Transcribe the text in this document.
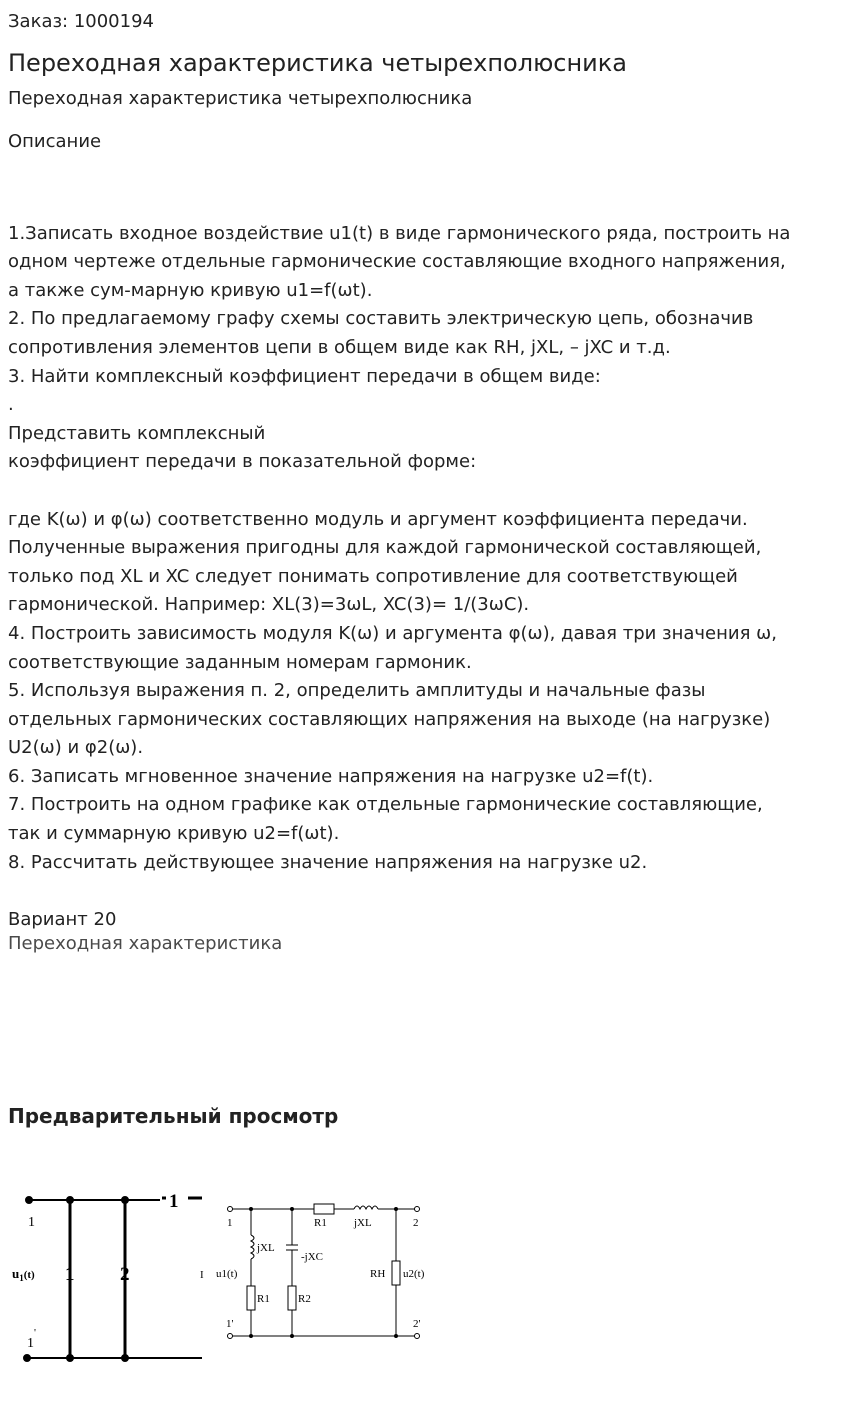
Заказ: 1000194
Переходная характеристика четырехполюсника
Переходная характеристика четырехполюсника
Описание
1.Записать входное воздействие u1(t) в виде гармонического ряда, построить на
одном чертеже отдельные гармонические составляющие входного напряжения,
а также сум-марную кривую u1=f(ωt).
2. По предлагаемому графу схемы составить электрическую цепь, обозначив
сопротивления элементов цепи в общем виде как RH, jXL, – jXC и т.д.
3. Найти комплексный коэффициент передачи в общем виде:
.
Представить комплексный
коэффициент передачи в показательной форме:
где K(ω) и φ(ω) соответственно модуль и аргумент коэффициента передачи.
Полученные выражения пригодны для каждой гармонической составляющей,
только под XL и XC следует понимать сопротивление для соответствующей
гармонической. Например: XL(3)=3ωL, XC(3)= 1/(3ωC).
4. Построить зависимость модуля K(ω) и аргумента φ(ω), давая три значения ω,
соответствующие заданным номерам гармоник.
5. Используя выражения п. 2, определить амплитуды и начальные фазы
отдельных гармонических составляющих напряжения на выходе (на нагрузке)
U2(ω) и φ2(ω).
6. Записать мгновенное значение напряжения на нагрузке u2=f(t).
7. Построить на одном графике как отдельные гармонические составляющие,
так и суммарную кривую u2=f(ωt).
8. Рассчитать действующее значение напряжения на нагрузке u2.
Вариант 20
Переходная характеристика
Предварительный просмотр
1
1
1
'
$u_1^{(t)}$ 1 2	I
1
1'
2
2'
u1(t)	u2(t)
jXL
jXL
-jXC
R1
R1	R2
RH
